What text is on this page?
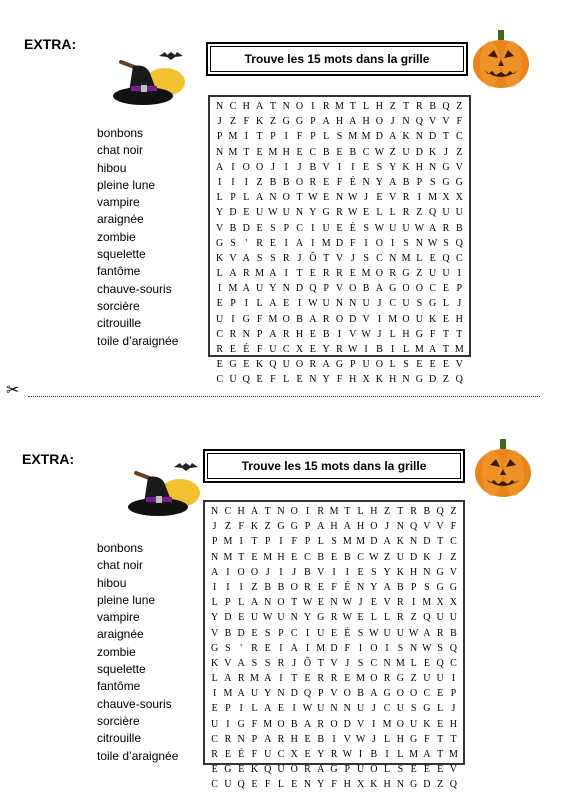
EXTRA:
Trouve les 15 mots dans la grille
bonbons
chat noir
hibou
pleine lune
vampire
araignée
zombie
squelette
fantôme
chauve-souris
sorcière
citrouille
toile d’araignée
N C H A T N O I R M T L H Z T R B Q Z
J Z F K Z G G P A H A H O J N Q V V F
P M I T P I F P L S M M D A K N D T C
N M T E M H E C B E B C W Z U D K J Z
A I O O J I J B V I I E S Y K H N G V
I I I Z B B O R E F É N Y A B P S G G
L P L A N O T W E N W J E V R I M X X
Y D E U W U N Y G R W E L L R Z Q U U
V B D E S P C I U E È S W U U W A R B
G S ' R E I A I M D F I O I S N W S Q
K V A S S R J Ô T V J S C N M L E Q C
L A R M A I T E R R E M O R G Z U U I
I M A U Y N D Q P V O B A G O O C E P
E P I L A E I W U N N U J C U S G L J
U I G F M O B A R O D V I M O U K E H
C R N P A R H E B I V W J L H G F T T
R E É F U C X E Y R W I B I L M A T M
E G E K Q U O R A G P U O L S E E E V
C U Q E F L E N Y F H X K H N G D Z Q
✂
EXTRA:	Trouve les 15 mots dans la grille
bonbons
chat noir
hibou
pleine lune
vampire
araignée
zombie
squelette
fantôme
chauve-souris
sorcière
citrouille
toile d’araignée
N C H A T N O I R M T L H Z T R B Q Z
J Z F K Z G G P A H A H O J N Q V V F
P M I T P I F P L S M M D A K N D T C
N M T E M H E C B E B C W Z U D K J Z
A I O O J I J B V I I E S Y K H N G V
I I I Z B B O R E F É N Y A B P S G G
L P L A N O T W E N W J E V R I M X X
Y D E U W U N Y G R W E L L R Z Q U U
V B D E S P C I U E È S W U U W A R B
G S ' R E I A I M D F I O I S N W S Q
K V A S S R J Ô T V J S C N M L E Q C
L A R M A I T E R R E M O R G Z U U I
I M A U Y N D Q P V O B A G O O C E P
E P I L A E I W U N N U J C U S G L J
U I G F M O B A R O D V I M O U K E H
C R N P A R H E B I V W J L H G F T T
R E É F U C X E Y R W I B I L M A T M
E G E K Q U O R A G P U O L S E E E V
C U Q E F L E N Y F H X K H N G D Z Q
